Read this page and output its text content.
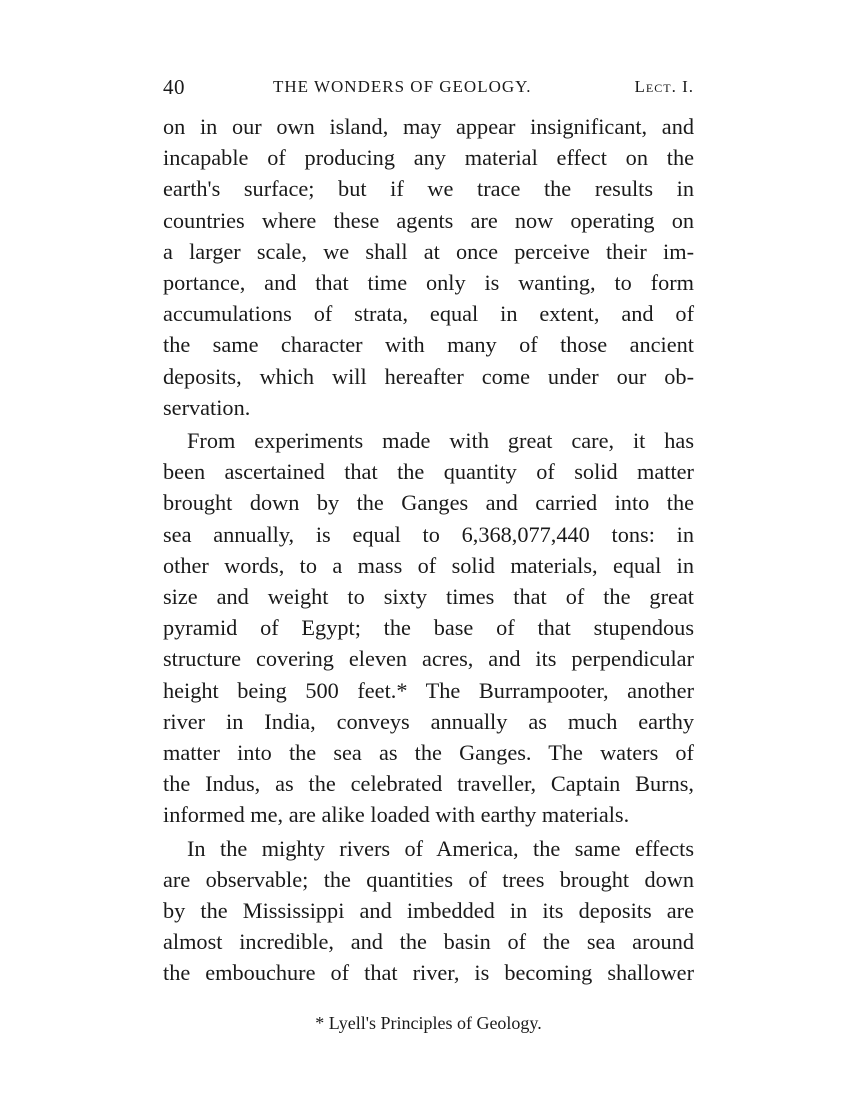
40	THE WONDERS OF GEOLOGY.	Lect. I.

on in our own island, may appear insignificant, and
incapable of producing any material effect on the
earth's surface; but if we trace the results in
countries where these agents are now operating on
a larger scale, we shall at once perceive their im-
portance, and that time only is wanting, to form
accumulations of strata, equal in extent, and of
the same character with many of those ancient
deposits, which will hereafter come under our ob-
servation.

From experiments made with great care, it has
been ascertained that the quantity of solid matter
brought down by the Ganges and carried into the
sea annually, is equal to 6,368,077,440 tons: in
other words, to a mass of solid materials, equal in
size and weight to sixty times that of the great
pyramid of Egypt; the base of that stupendous
structure covering eleven acres, and its perpendicular
height being 500 feet.* The Burrampooter, another
river in India, conveys annually as much earthy
matter into the sea as the Ganges. The waters of
the Indus, as the celebrated traveller, Captain Burns,
informed me, are alike loaded with earthy materials.

In the mighty rivers of America, the same effects
are observable; the quantities of trees brought down
by the Mississippi and imbedded in its deposits are
almost incredible, and the basin of the sea around
the embouchure of that river, is becoming shallower

* Lyell's Principles of Geology.
